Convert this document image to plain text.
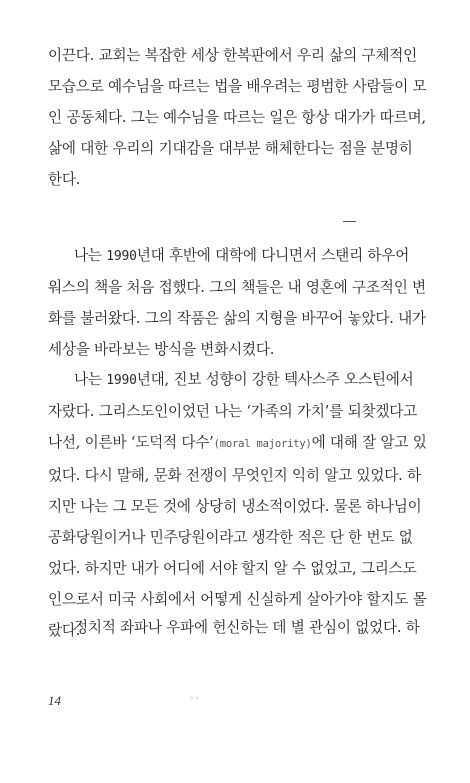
이끈다. 교회는 복잡한 세상 한복판에서 우리 삶의 구체적인
모습으로 예수님을 따르는 법을 배우려는 평범한 사람들이 모
인 공동체다. 그는 예수님을 따르는 일은 항상 대가가 따르며,
삶에 대한 우리의 기대감을 대부분 해체한다는 점을 분명히
한다.
나는 1990년대 후반에 대학에 다니면서 스탠리 하우어
워스의 책을 처음 접했다. 그의 책들은 내 영혼에 구조적인 변
화를 불러왔다. 그의 작품은 삶의 지형을 바꾸어 놓았다. 내가
세상을 바라보는 방식을 변화시켰다.
나는 1990년대, 진보 성향이 강한 텍사스주 오스틴에서
자랐다. 그리스도인이었던 나는 ‘가족의 가치’를 되찾겠다고
나선, 이른바 ‘도덕적 다수’(moral majority)에 대해 잘 알고 있
었다. 다시 말해, 문화 전쟁이 무엇인지 익히 알고 있었다. 하
지만 나는 그 모든 것에 상당히 냉소적이었다. 물론 하나님이
공화당원이거나 민주당원이라고 생각한 적은 단 한 번도 없
었다. 하지만 내가 어디에 서야 할지 알 수 없었고, 그리스도
인으로서 미국 사회에서 어떻게 신실하게 살아가야 할지도 몰
랐다.
정치적 좌파나 우파에 헌신하는 데 별 관심이 없었다. 하
14	◦◦
